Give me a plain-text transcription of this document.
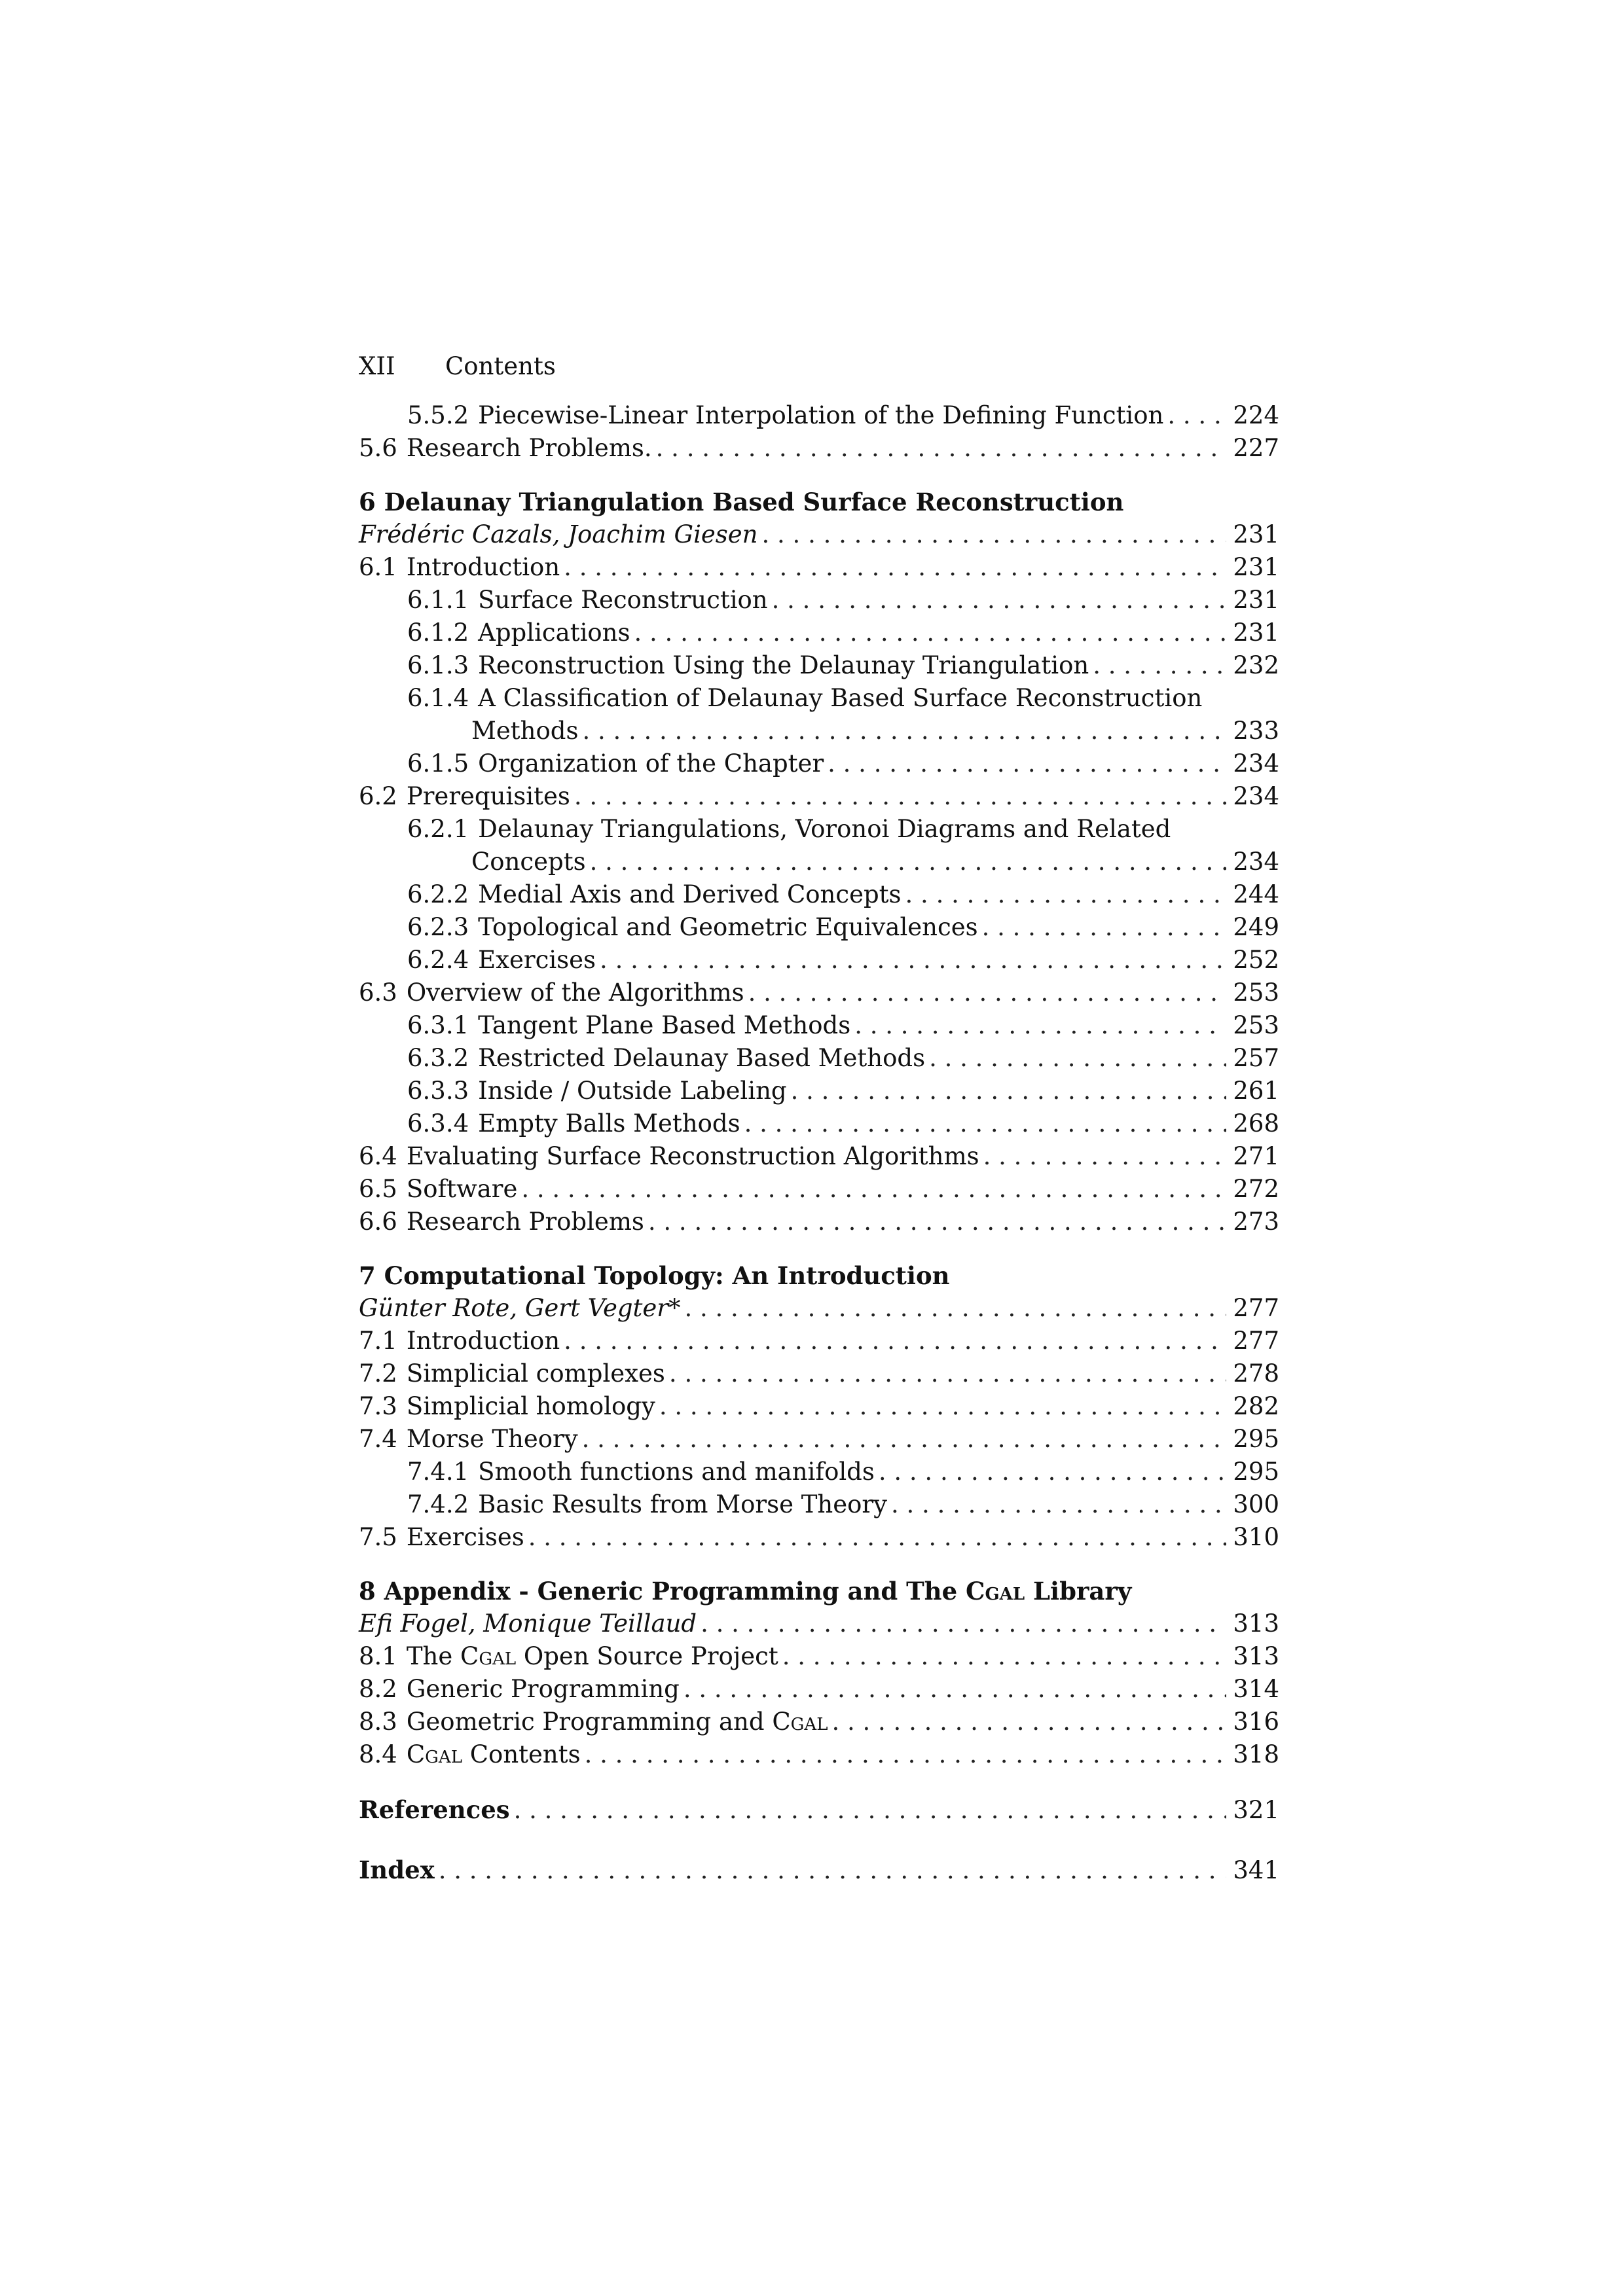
XII	Contents
5.5.2 Piecewise-Linear Interpolation of the Defining Function . . .	224
5.6 Research Problems. . . .	227
6 Delaunay Triangulation Based Surface Reconstruction
Frédéric Cazals, Joachim Giesen . . .	231
6.1 Introduction . . .	231
6.1.1 Surface Reconstruction . . .	231
6.1.2 Applications . . .	231
6.1.3 Reconstruction Using the Delaunay Triangulation . . .	232
6.1.4 A Classification of Delaunay Based Surface Reconstruction
Methods . . .	233
6.1.5 Organization of the Chapter . . .	234
6.2 Prerequisites . . .	234
6.2.1 Delaunay Triangulations, Voronoi Diagrams and Related
Concepts . . .	234
6.2.2 Medial Axis and Derived Concepts . . .	244
6.2.3 Topological and Geometric Equivalences . . .	249
6.2.4 Exercises . . .	252
6.3 Overview of the Algorithms . . .	253
6.3.1 Tangent Plane Based Methods . . .	253
6.3.2 Restricted Delaunay Based Methods . . .	257
6.3.3 Inside / Outside Labeling . . .	261
6.3.4 Empty Balls Methods . . .	268
6.4 Evaluating Surface Reconstruction Algorithms . . .	271
6.5 Software . . .	272
6.6 Research Problems . . .	273
7 Computational Topology: An Introduction
Günter Rote, Gert Vegter* . . .	277
7.1 Introduction . . .	277
7.2 Simplicial complexes . . .	278
7.3 Simplicial homology . . .	282
7.4 Morse Theory . . .	295
7.4.1 Smooth functions and manifolds . . .	295
7.4.2 Basic Results from Morse Theory . . .	300
7.5 Exercises . . .	310
8 Appendix - Generic Programming and The Cgal Library
Efi Fogel, Monique Teillaud . . .	313
8.1 The Cgal Open Source Project . . .	313
8.2 Generic Programming . . .	314
8.3 Geometric Programming and Cgal . . .	316
8.4 Cgal Contents . . .	318
References . . .	321
Index . . .	341
